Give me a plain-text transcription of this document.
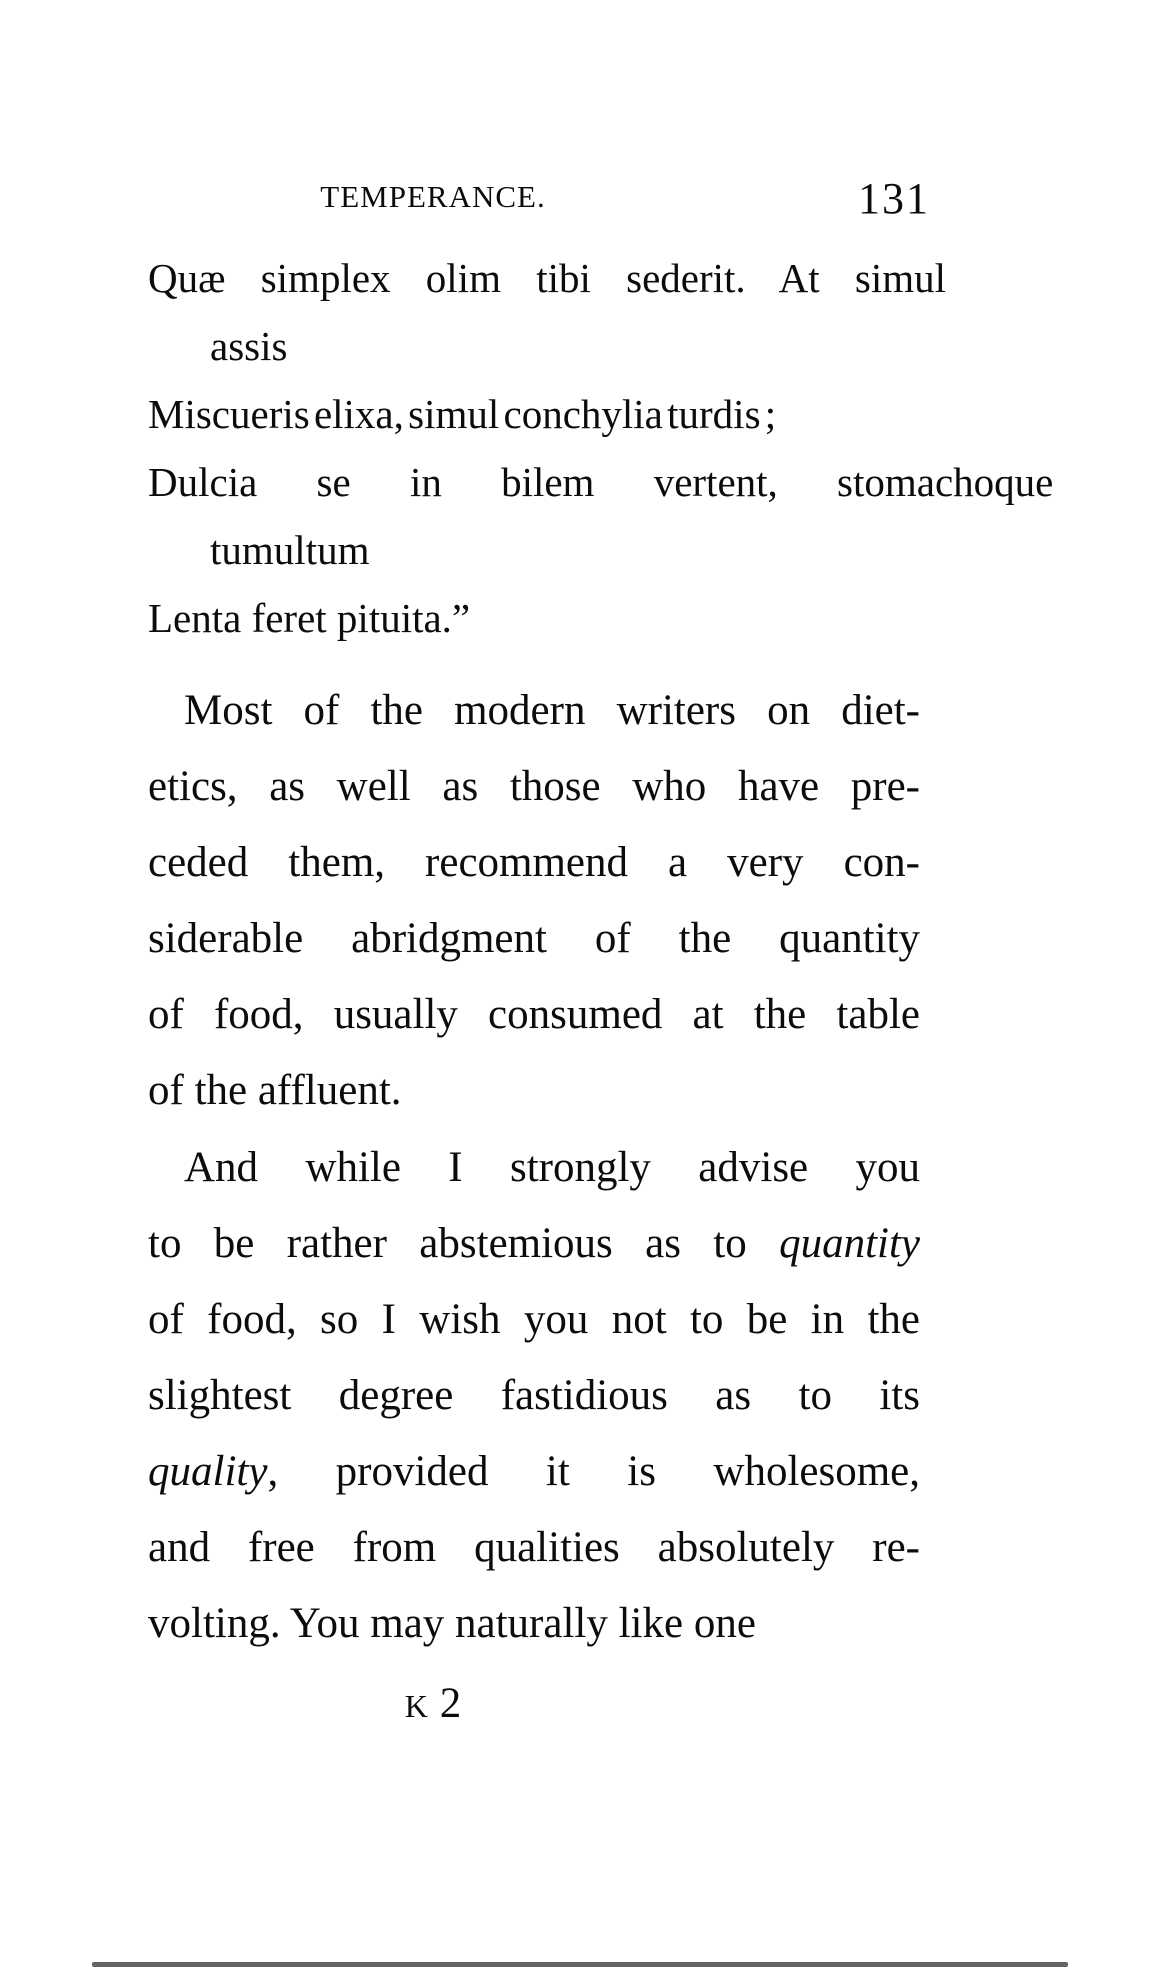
TEMPERANCE.	131
Quæ simplex olim tibi sederit. At simul
assis
Miscueris elixa, simul conchylia turdis ;
Dulcia se in bilem vertent, stomachoque
tumultum
Lenta feret pituita.”
Most of the modern writers on diet-
etics, as well as those who have pre-
ceded them, recommend a very con-
siderable abridgment of the quantity
of food, usually consumed at the table
of the affluent.
And while I strongly advise you
to be rather abstemious as to quantity
of food, so I wish you not to be in the
slightest degree fastidious as to its
quality, provided it is wholesome,
and free from qualities absolutely re-
volting. You may naturally like one
K 2
